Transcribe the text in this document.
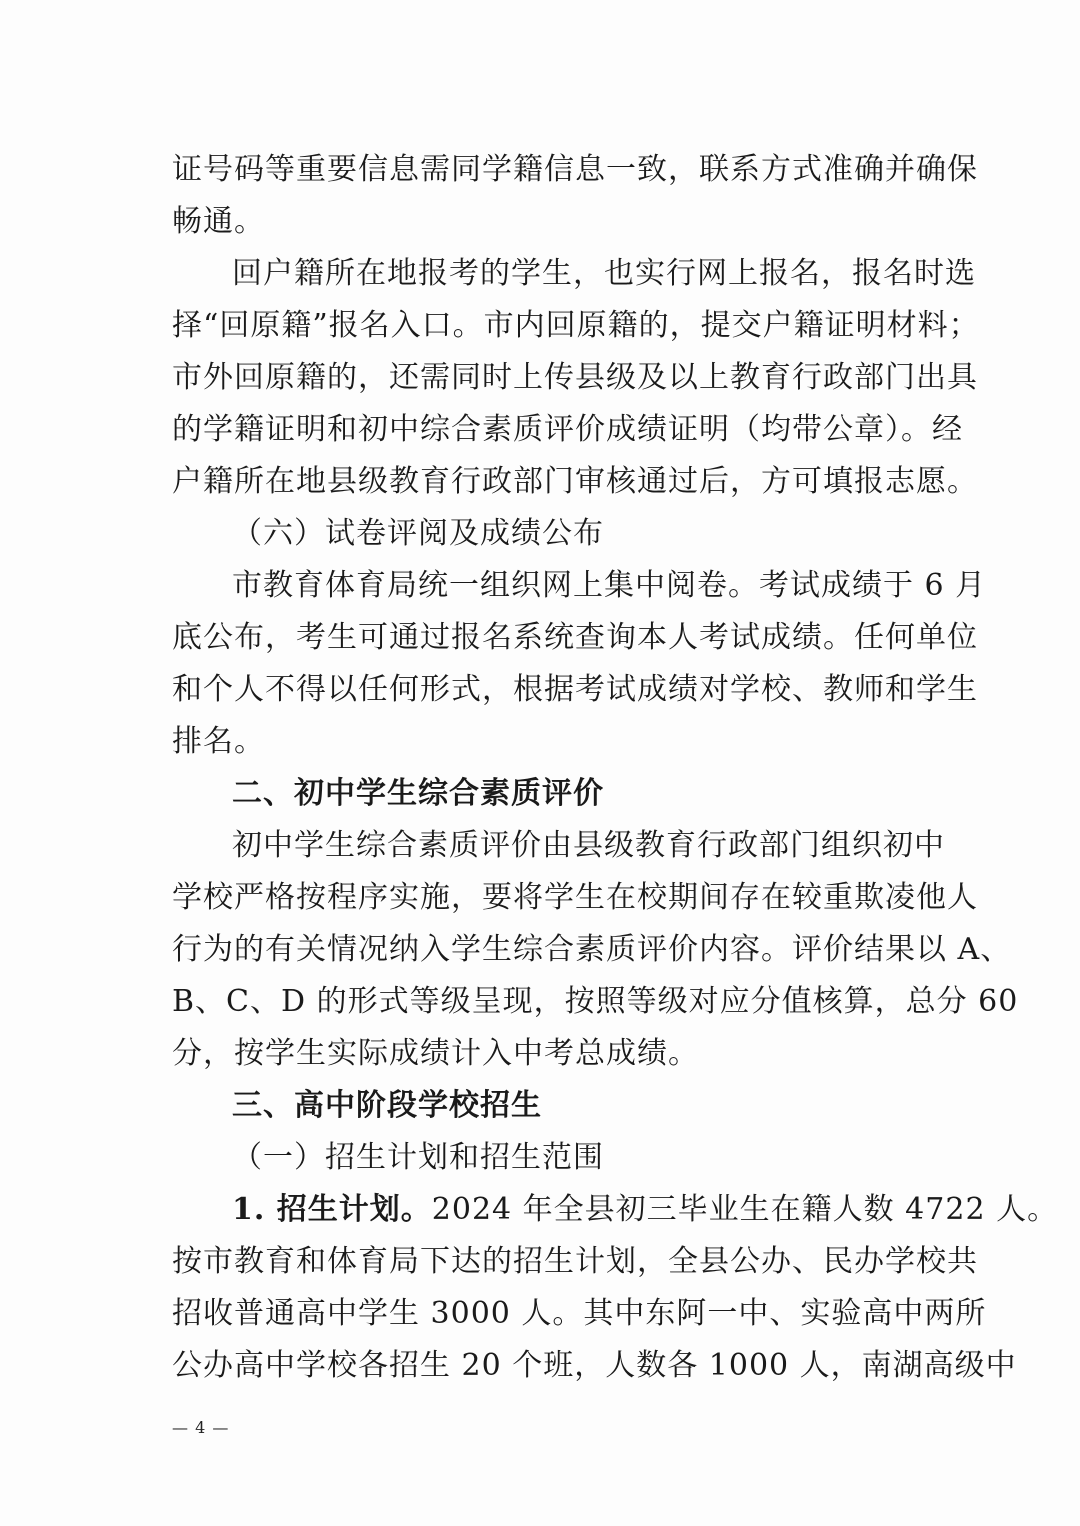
证号码等重要信息需同学籍信息一致，联系方式准确并确保
畅通。
回户籍所在地报考的学生，也实行网上报名，报名时选
择“回原籍”报名入口。市内回原籍的，提交户籍证明材料；
市外回原籍的，还需同时上传县级及以上教育行政部门出具
的学籍证明和初中综合素质评价成绩证明（均带公章）。经
户籍所在地县级教育行政部门审核通过后，方可填报志愿。
（六）试卷评阅及成绩公布
市教育体育局统一组织网上集中阅卷。考试成绩于 6 月
底公布，考生可通过报名系统查询本人考试成绩。任何单位
和个人不得以任何形式，根据考试成绩对学校、教师和学生
排名。
二、初中学生综合素质评价
初中学生综合素质评价由县级教育行政部门组织初中
学校严格按程序实施，要将学生在校期间存在较重欺凌他人
行为的有关情况纳入学生综合素质评价内容。评价结果以 A、
B、C、D 的形式等级呈现，按照等级对应分值核算，总分 60
分，按学生实际成绩计入中考总成绩。
三、高中阶段学校招生
（一）招生计划和招生范围
1. 招生计划。2024 年全县初三毕业生在籍人数 4722 人。
按市教育和体育局下达的招生计划，全县公办、民办学校共
招收普通高中学生 3000 人。其中东阿一中、实验高中两所
公办高中学校各招生 20 个班，人数各 1000 人，南湖高级中
— 4 —
